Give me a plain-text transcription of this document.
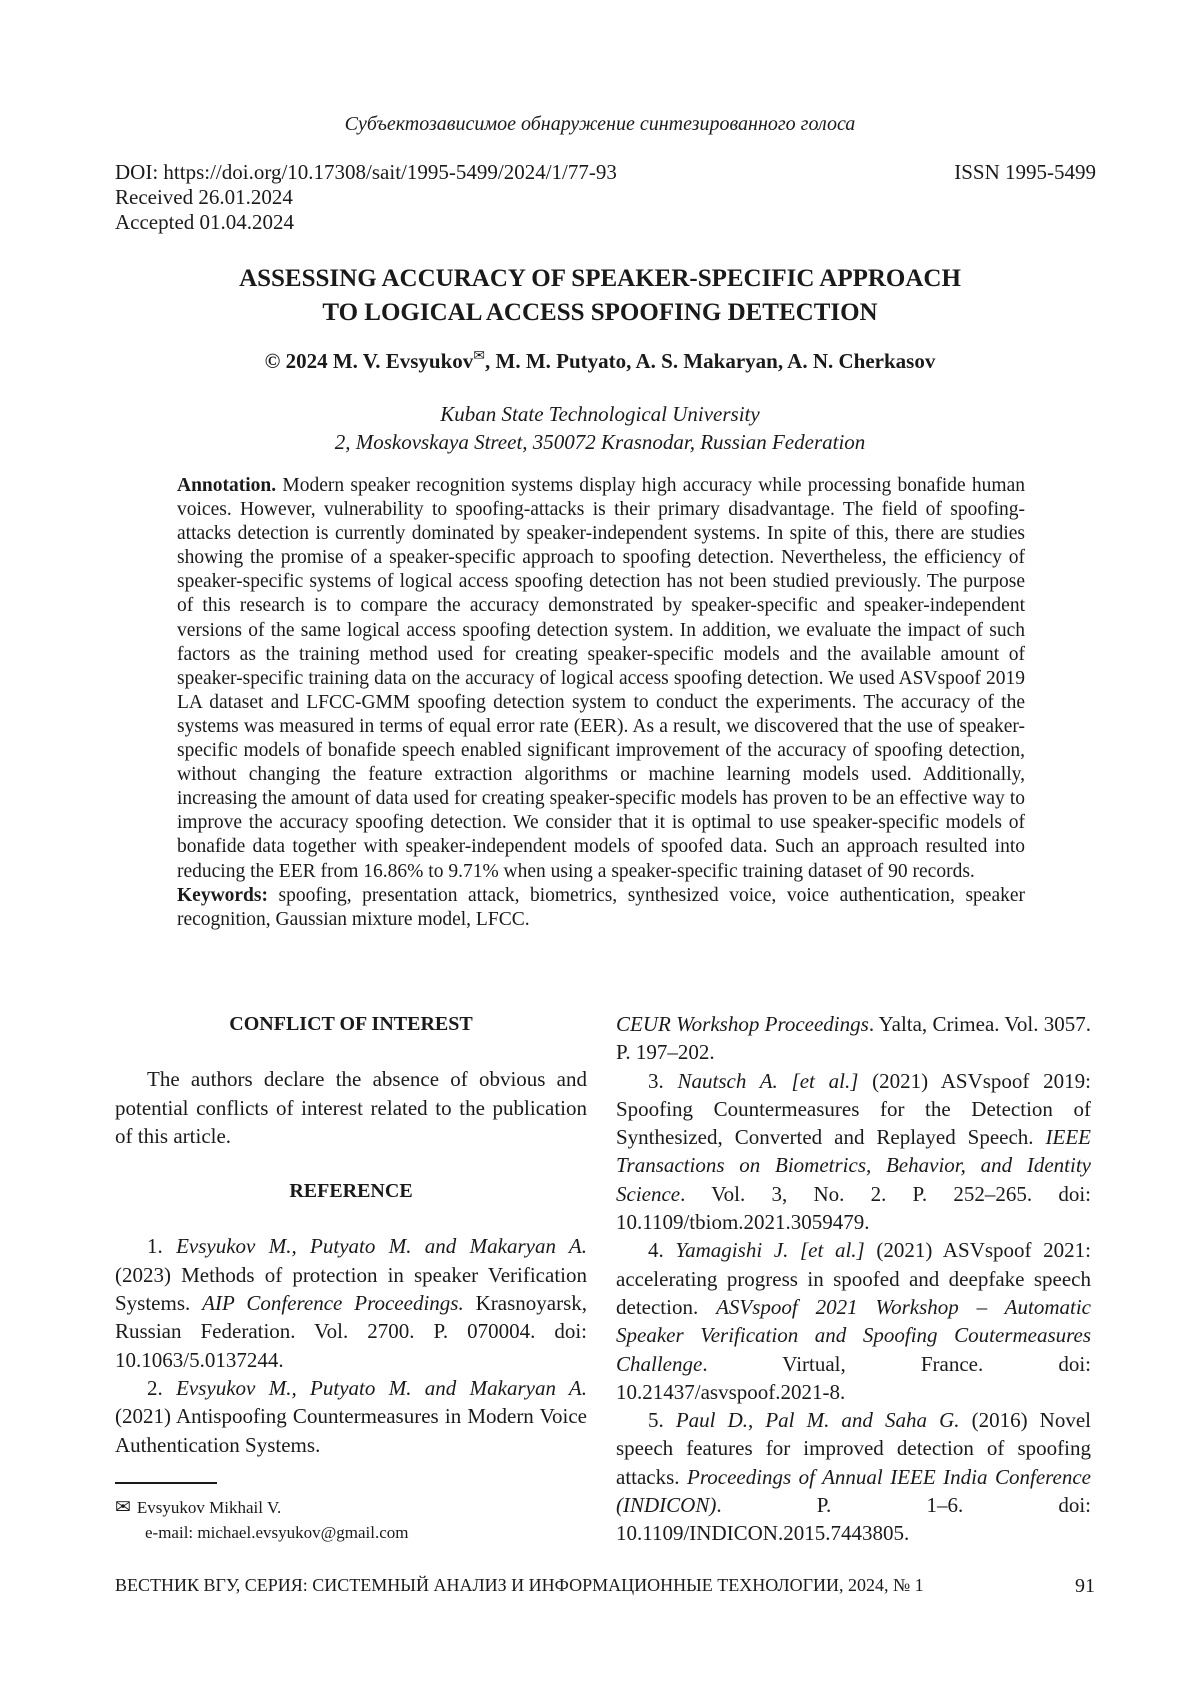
Субъектозависимое обнаружение синтезированного голоса
DOI: https://doi.org/10.17308/sait/1995-5499/2024/1/77-93
Received 26.01.2024
Accepted 01.04.2024
ISSN 1995-5499
ASSESSING ACCURACY OF SPEAKER-SPECIFIC APPROACH
TO LOGICAL ACCESS SPOOFING DETECTION
© 2024 M. V. Evsyukov✉, M. M. Putyato, A. S. Makaryan, A. N. Cherkasov
Kuban State Technological University
2, Moskovskaya Street, 350072 Krasnodar, Russian Federation

Annotation. Modern speaker recognition systems display high accuracy while processing bonafide human voices. However, vulnerability to spoofing-attacks is their primary disadvantage. The field of spoofing-attacks detection is currently dominated by speaker-independent systems. In spite of this, there are studies showing the promise of a speaker-specific approach to spoofing detection. Nevertheless, the efficiency of speaker-specific systems of logical access spoofing detection has not been studied previously. The purpose of this research is to compare the accuracy demonstrated by speaker-specific and speaker-independent versions of the same logical access spoofing detection system. In addition, we evaluate the impact of such factors as the training method used for creating speaker-specific models and the available amount of speaker-specific training data on the accuracy of logical access spoofing detection. We used ASVspoof 2019 LA dataset and LFCC-GMM spoofing detection system to conduct the experiments. The accuracy of the systems was measured in terms of equal error rate (EER). As a result, we discovered that the use of speaker-specific models of bonafide speech enabled significant improvement of the accuracy of spoofing detection, without changing the feature extraction algorithms or machine learning models used. Additionally, increasing the amount of data used for creating speaker-specific models has proven to be an effective way to improve the accuracy spoofing detection. We consider that it is optimal to use speaker-specific models of bonafide data together with speaker-independent models of spoofed data. Such an approach resulted into reducing the EER from 16.86% to 9.71% when using a speaker-specific training dataset of 90 records.

Keywords: spoofing, presentation attack, biometrics, synthesized voice, voice authentication, speaker recognition, Gaussian mixture model, LFCC.

CONFLICT OF INTEREST

The authors declare the absence of obvious and potential conflicts of interest related to the publication of this article.

REFERENCE

1. Evsyukov M., Putyato M. and Makaryan A. (2023) Methods of protection in speaker Verification Systems. AIP Conference Proceedings. Krasnoyarsk, Russian Federation. Vol. 2700. P. 070004. doi: 10.1063/5.0137244.

2. Evsyukov M., Putyato M. and Makaryan A. (2021) Antispoofing Countermeasures in Modern Voice Authentication Systems.

CEUR Workshop Proceedings. Yalta, Crimea. Vol. 3057. P. 197–202.

3. Nautsch A. [et al.] (2021) ASVspoof 2019: Spoofing Countermeasures for the Detection of Synthesized, Converted and Replayed Speech. IEEE Transactions on Biometrics, Behavior, and Identity Science. Vol. 3, No. 2. P. 252–265. doi: 10.1109/tbiom.2021.3059479.

4. Yamagishi J. [et al.] (2021) ASVspoof 2021: accelerating progress in spoofed and deepfake speech detection. ASVspoof 2021 Workshop – Automatic Speaker Verification and Spoofing Coutermeasures Challenge. Virtual, France. doi: 10.21437/asvspoof.2021-8.

5. Paul D., Pal M. and Saha G. (2016) Novel speech features for improved detection of spoofing attacks. Proceedings of Annual IEEE India Conference (INDICON). P. 1–6. doi: 10.1109/INDICON.2015.7443805.

✉ Evsyukov Mikhail V.
e-mail: michael.evsyukov@gmail.com
ВЕСТНИК ВГУ, СЕРИЯ: СИСТЕМНЫЙ АНАЛИЗ И ИНФОРМАЦИОННЫЕ ТЕХНОЛОГИИ, 2024, № 1	91
